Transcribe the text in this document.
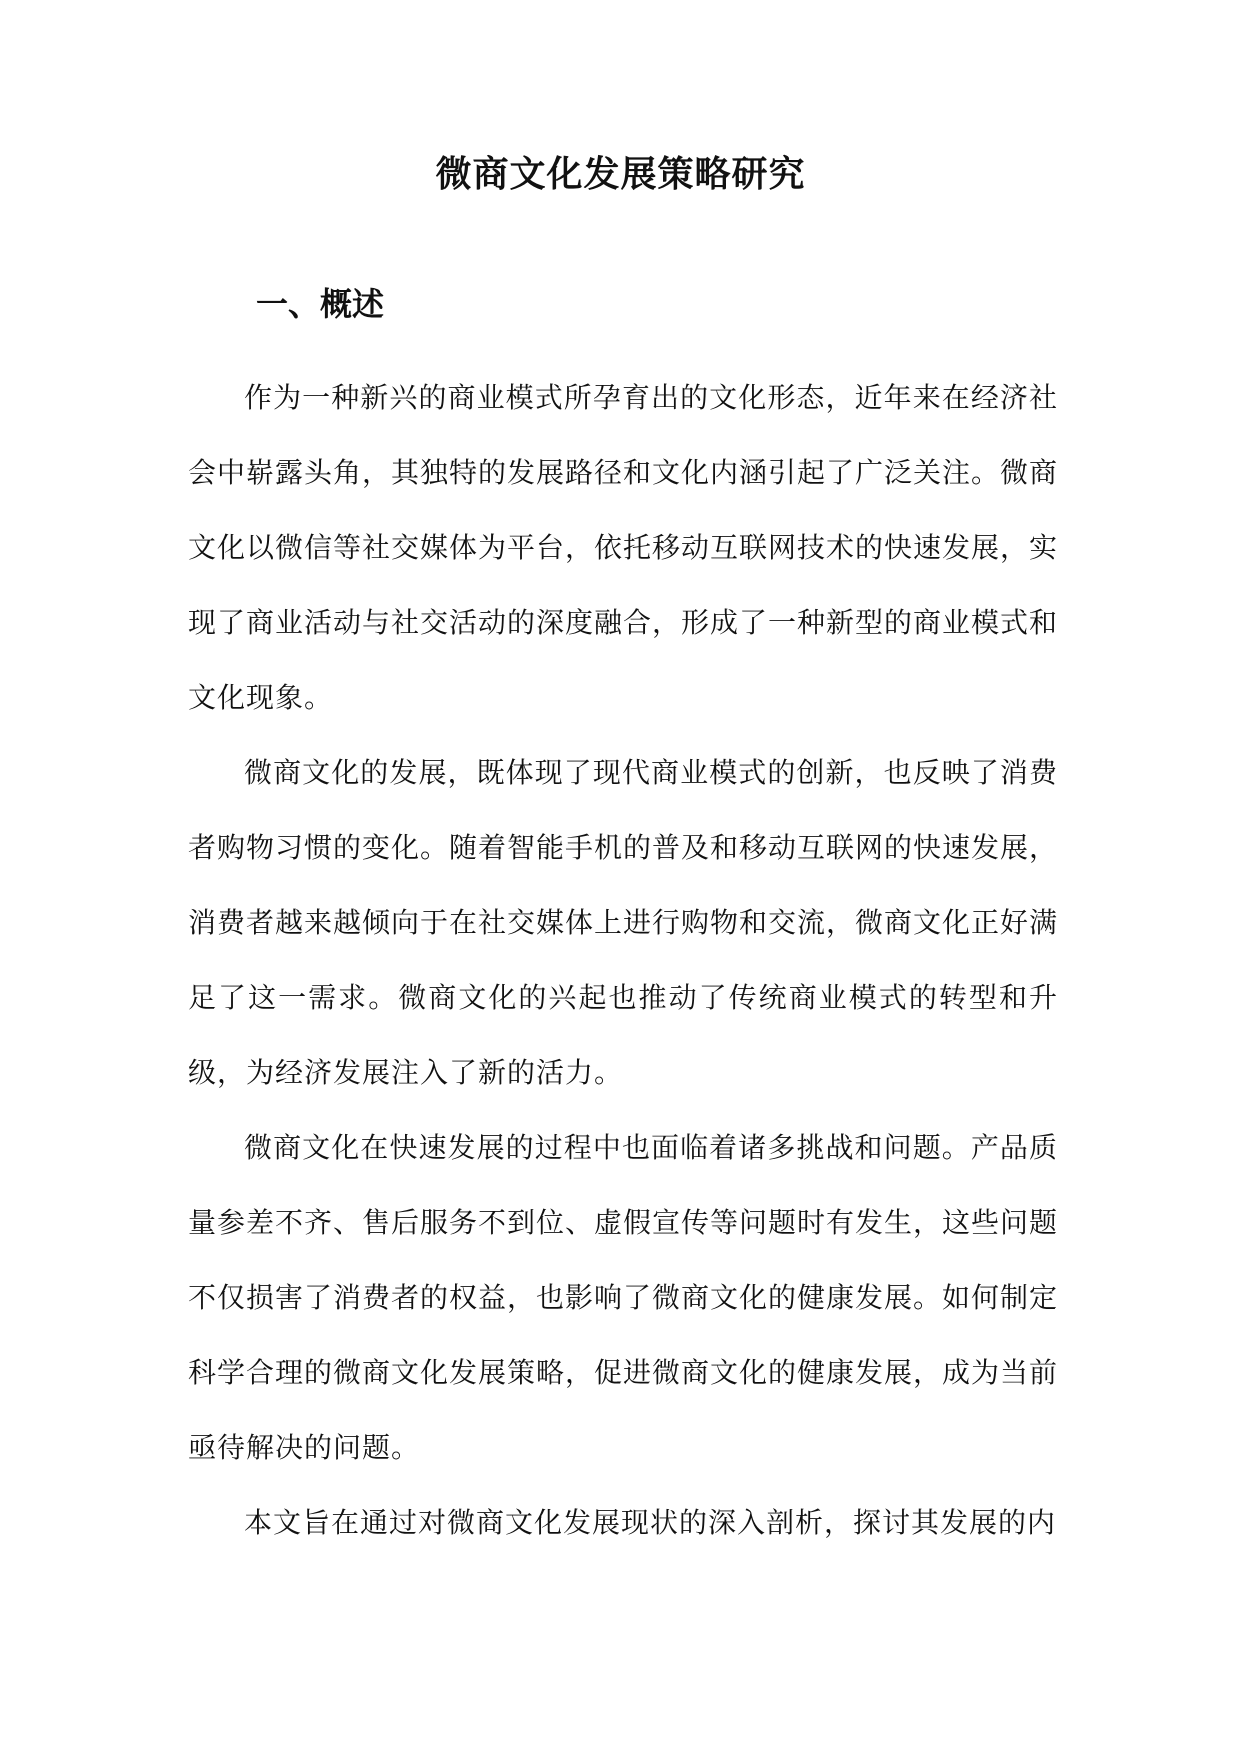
微商文化发展策略研究
一、概述

作为一种新兴的商业模式所孕育出的文化形态，近年来在经济社会中崭露头角，其独特的发展路径和文化内涵引起了广泛关注。微商文化以微信等社交媒体为平台，依托移动互联网技术的快速发展，实现了商业活动与社交活动的深度融合，形成了一种新型的商业模式和文化现象。

微商文化的发展，既体现了现代商业模式的创新，也反映了消费者购物习惯的变化。随着智能手机的普及和移动互联网的快速发展，消费者越来越倾向于在社交媒体上进行购物和交流，微商文化正好满足了这一需求。微商文化的兴起也推动了传统商业模式的转型和升级，为经济发展注入了新的活力。

微商文化在快速发展的过程中也面临着诸多挑战和问题。产品质量参差不齐、售后服务不到位、虚假宣传等问题时有发生，这些问题不仅损害了消费者的权益，也影响了微商文化的健康发展。如何制定科学合理的微商文化发展策略，促进微商文化的健康发展，成为当前亟待解决的问题。

本文旨在通过对微商文化发展现状的深入剖析，探讨其发展的内
